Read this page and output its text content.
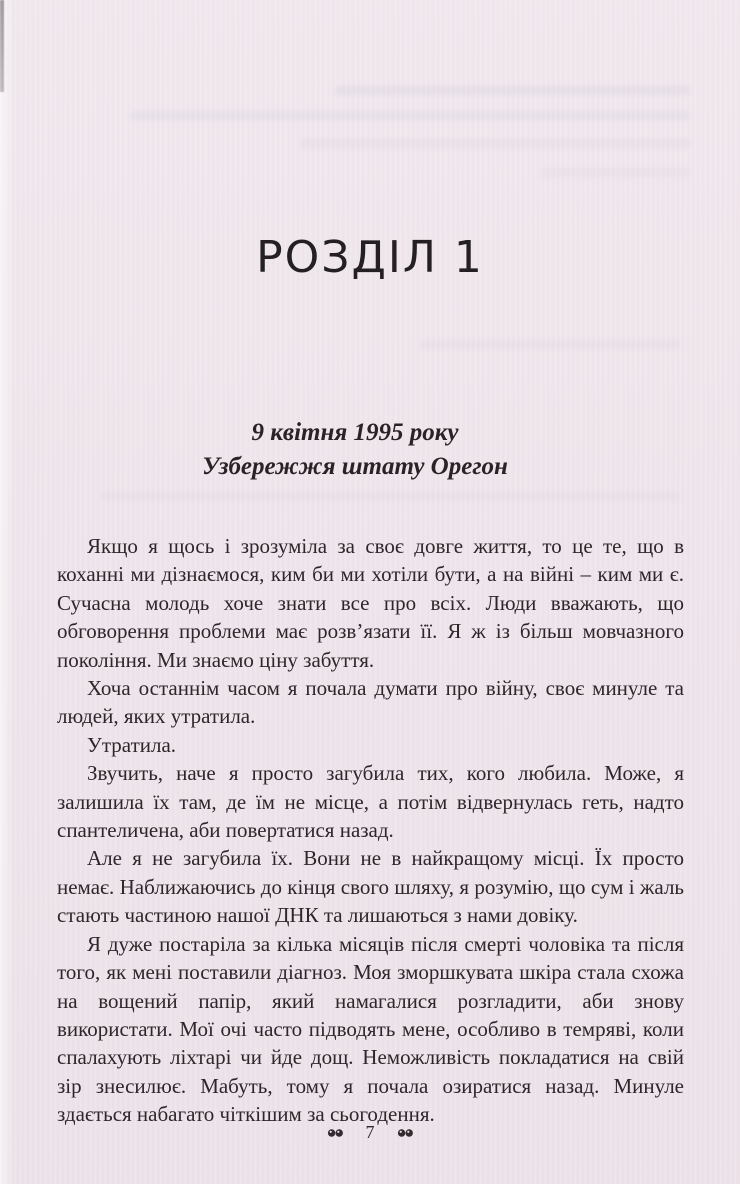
РОЗДІЛ 1
9 квітня 1995 року
Узбережжя штату Орегон

Якщо я щось і зрозуміла за своє довге життя, то це те, що в коханні ми дізнаємося, ким би ми хотіли бути, а на війні – ким ми є. Сучасна молодь хоче знати все про всіх. Люди вважають, що обговорення проблеми має розв’язати її. Я ж із більш мовчазного покоління. Ми знаємо ціну забуття.

Хоча останнім часом я почала думати про війну, своє минуле та людей, яких утратила.

Утратила.

Звучить, наче я просто загубила тих, кого любила. Може, я залишила їх там, де їм не місце, а потім відвернулась геть, надто спантеличена, аби повертатися назад.

Але я не загубила їх. Вони не в найкращому місці. Їх просто немає. Наближаючись до кінця свого шляху, я розумію, що сум і жаль стають частиною нашої ДНК та лишаються з нами довіку.

Я дуже постаріла за кілька місяців після смерті чоловіка та після того, як мені поставили діагноз. Моя зморшкувата шкіра стала схожа на вощений папір, який намагалися розгладити, аби знову використати. Мої очі часто підводять мене, особливо в темряві, коли спалахують ліхтарі чи йде дощ. Неможливість покладатися на свій зір знесилює. Мабуть, тому я почала озиратися назад. Минуле здається набагато чіткішим за сьогодення.

7
